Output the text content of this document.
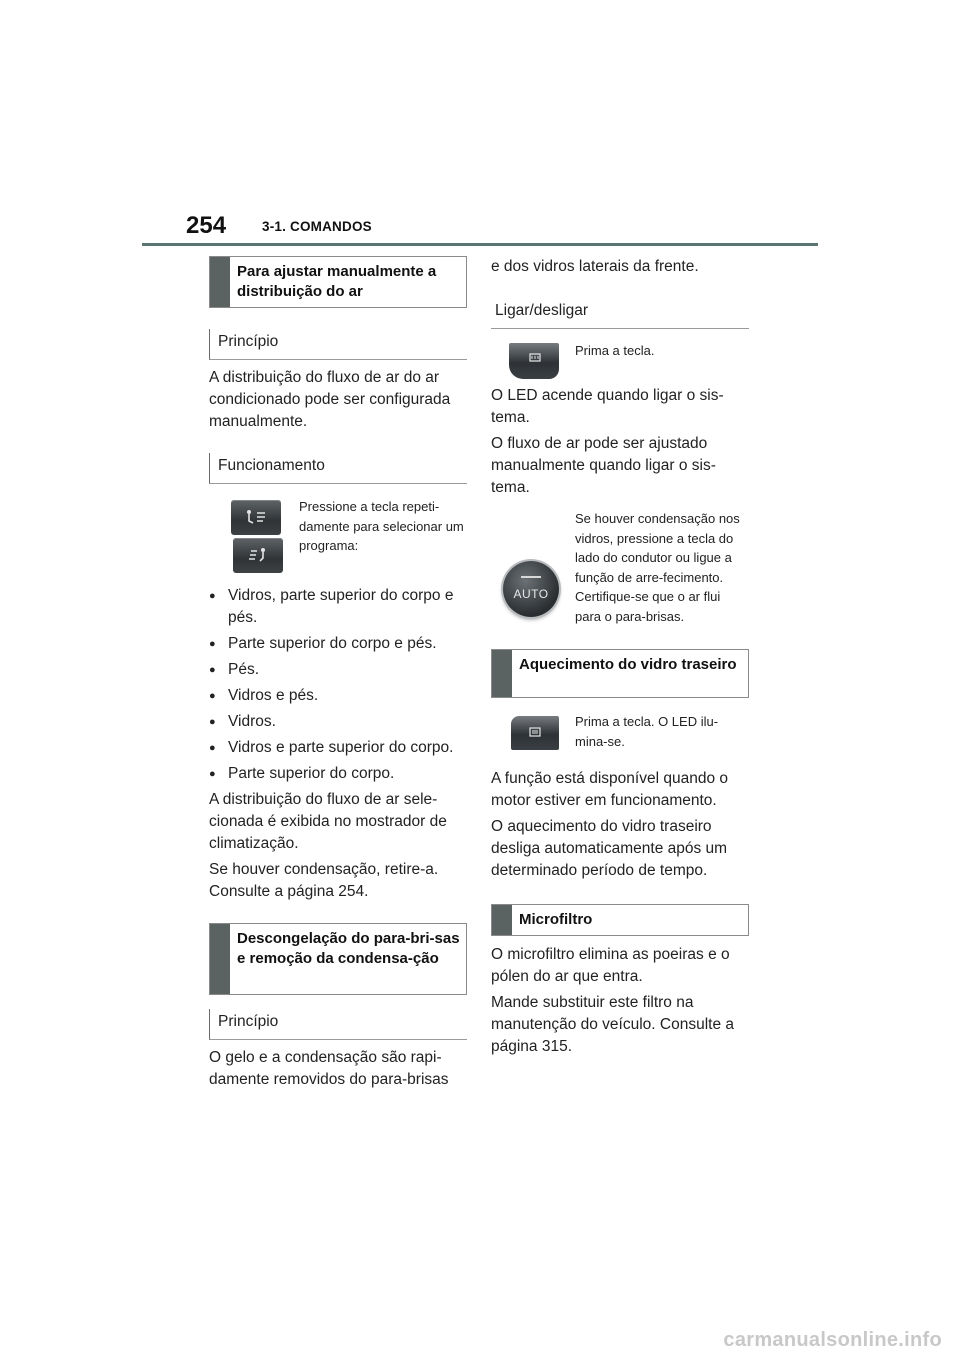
254	3-1. COMANDOS
Para ajustar manualmente a distribuição do ar
Princípio

A distribuição do fluxo de ar do ar condicionado pode ser configurada manualmente.

Funcionamento
Pressione a tecla repeti-damente para selecionar um programa:
● Vidros, parte superior do corpo e pés.
● Parte superior do corpo e pés.
● Pés.
● Vidros e pés.
● Vidros.
● Vidros e parte superior do corpo.
● Parte superior do corpo.

A distribuição do fluxo de ar sele-cionada é exibida no mostrador de climatização.

Se houver condensação, retire-a. Consulte a página 254.

Descongelação do para-bri-sas e remoção da condensa-ção
Princípio

O gelo e a condensação são rapi-damente removidos do para-brisas

e dos vidros laterais da frente.

Ligar/desligar
Prima a tecla.

O LED acende quando ligar o sis-tema.

O fluxo de ar pode ser ajustado manualmente quando ligar o sis-tema.

AUTO
Se houver condensação nos vidros, pressione a tecla do lado do condutor ou ligue a função de arre-fecimento. Certifique-se que o ar flui para o para-brisas.
Aquecimento do vidro traseiro
Prima a tecla. O LED ilu-mina-se.

A função está disponível quando o motor estiver em funcionamento.

O aquecimento do vidro traseiro desliga automaticamente após um determinado período de tempo.

Microfiltro

O microfiltro elimina as poeiras e o pólen do ar que entra.

Mande substituir este filtro na manutenção do veículo. Consulte a página 315.

carmanualsonline.info
